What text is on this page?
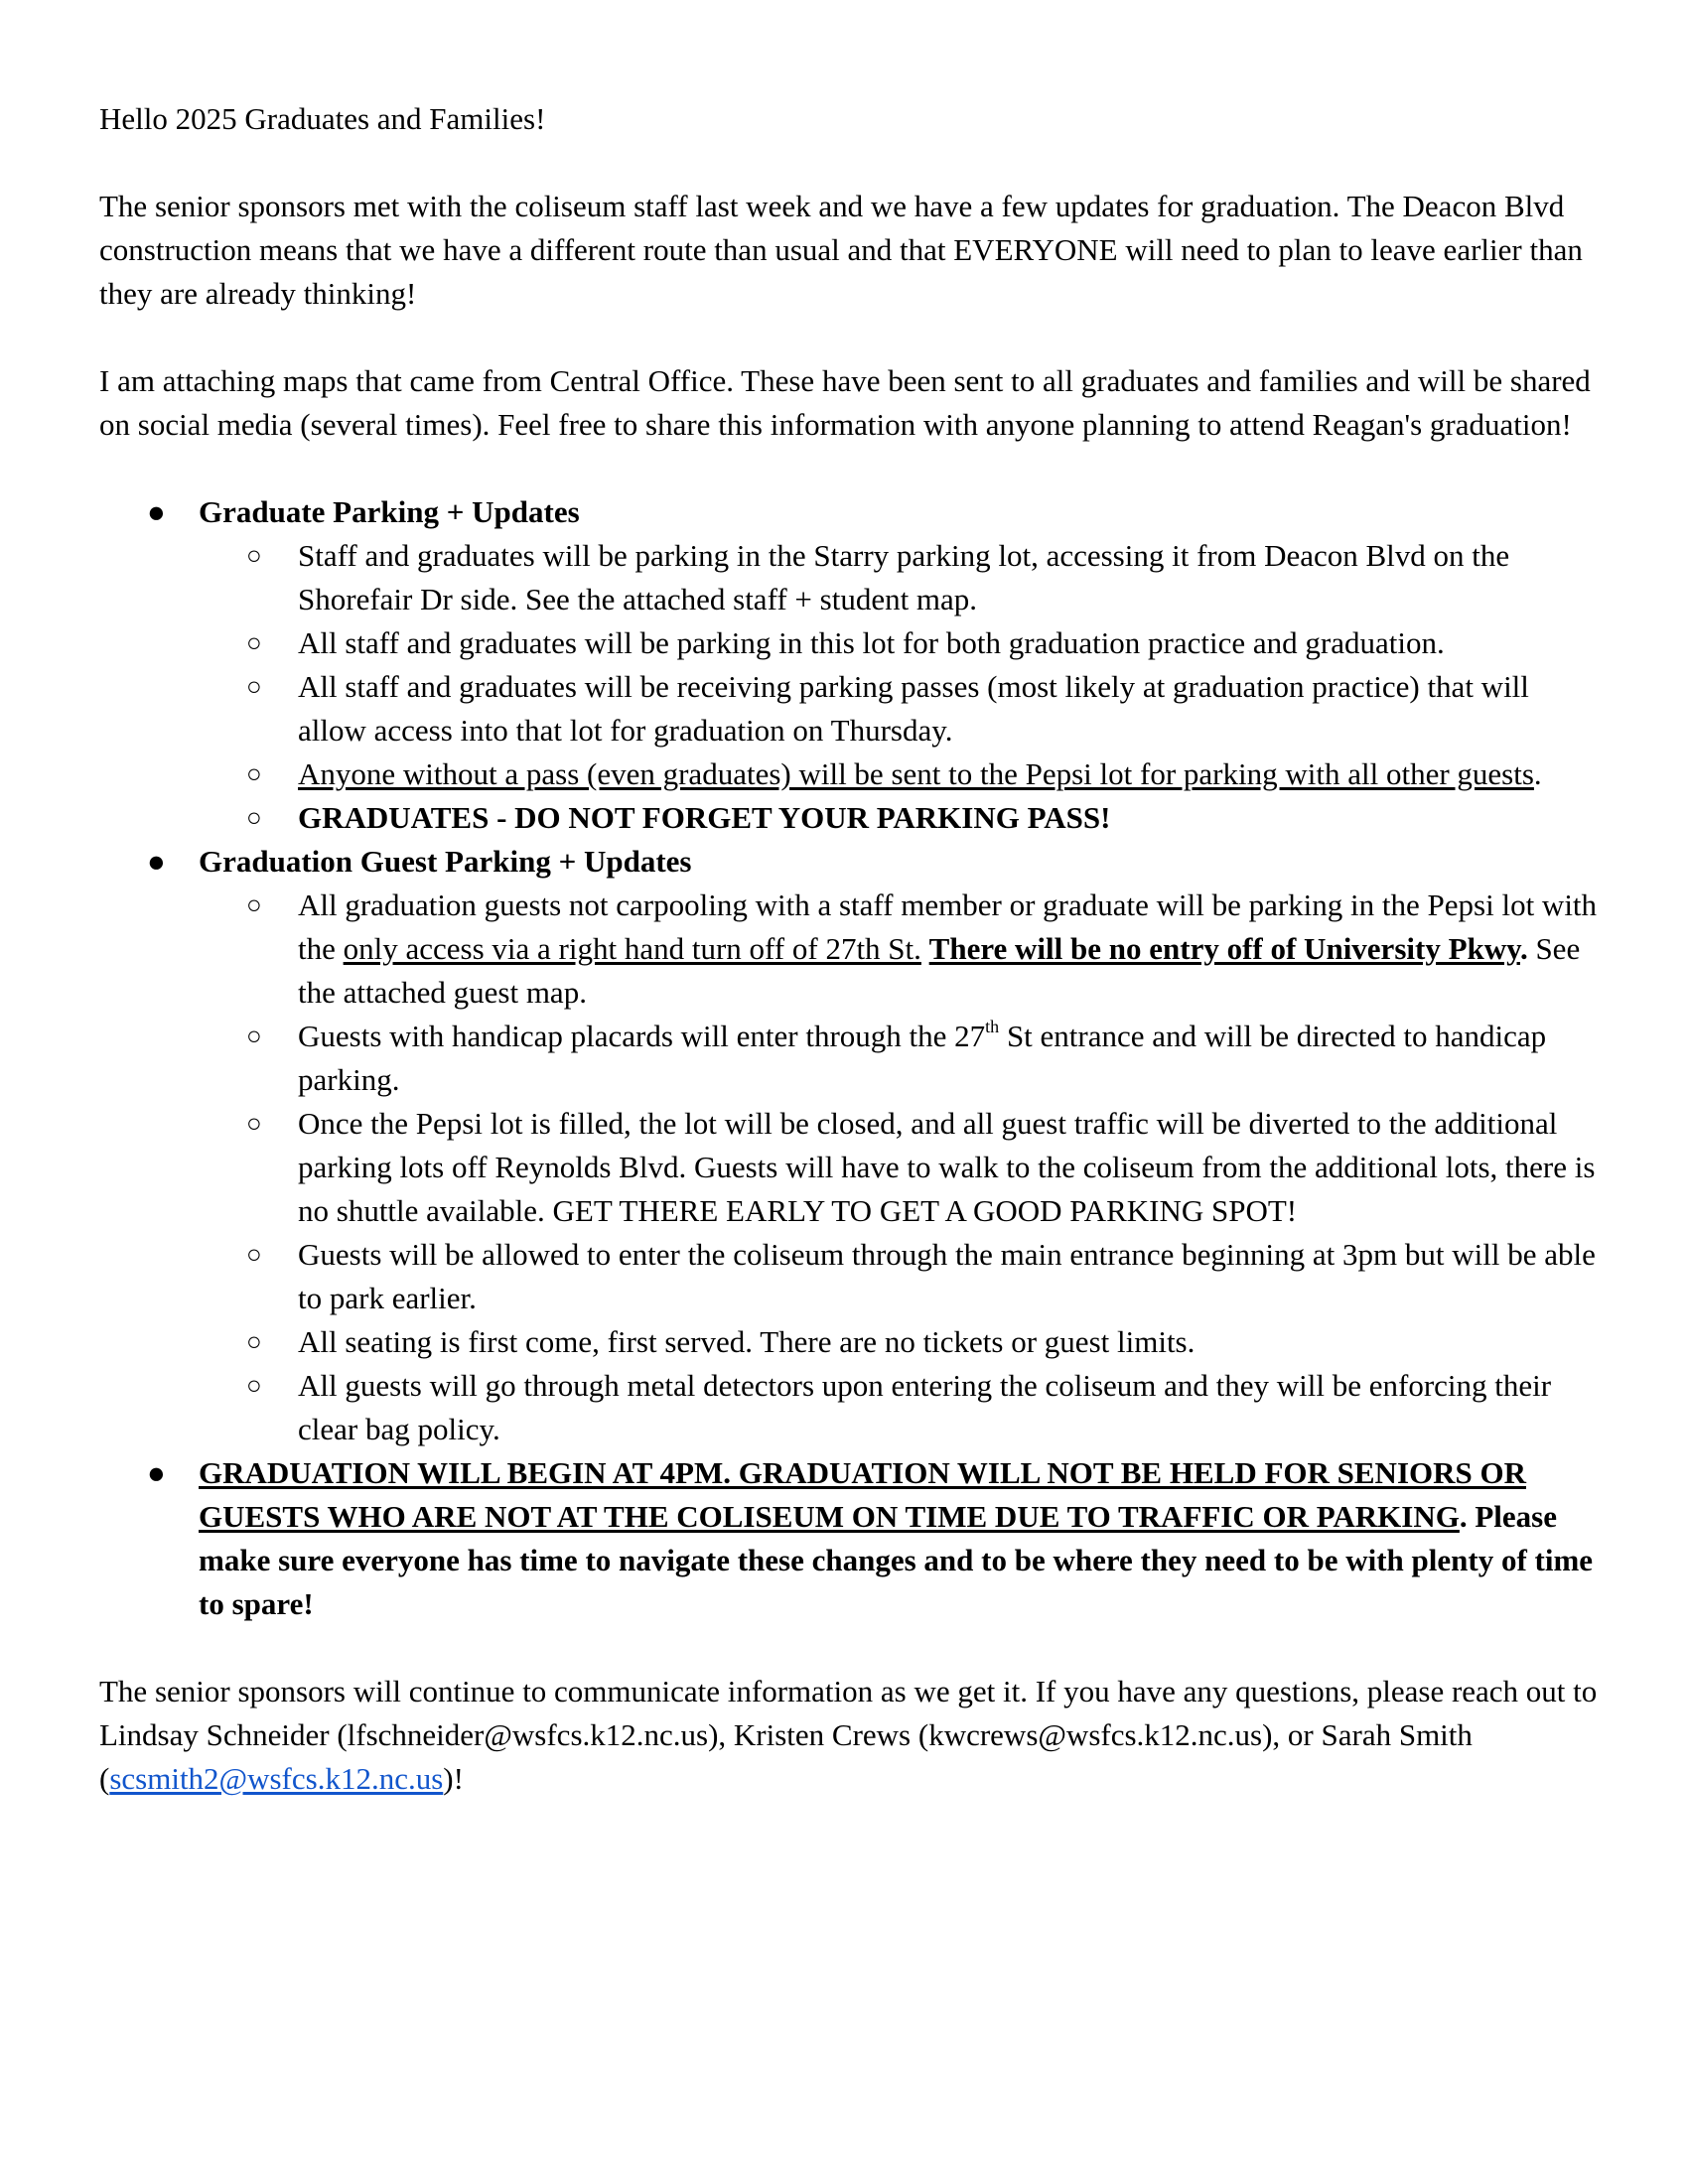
Hello 2025 Graduates and Families!

The senior sponsors met with the coliseum staff last week and we have a few updates for graduation. The Deacon Blvd construction means that we have a different route than usual and that EVERYONE will need to plan to leave earlier than they are already thinking!

I am attaching maps that came from Central Office. These have been sent to all graduates and families and will be shared on social media (several times). Feel free to share this information with anyone planning to attend Reagan's graduation!

● Graduate Parking + Updates
○ Staff and graduates will be parking in the Starry parking lot, accessing it from Deacon Blvd on the Shorefair Dr side. See the attached staff + student map.
○ All staff and graduates will be parking in this lot for both graduation practice and graduation.
○ All staff and graduates will be receiving parking passes (most likely at graduation practice) that will allow access into that lot for graduation on Thursday.
○ Anyone without a pass (even graduates) will be sent to the Pepsi lot for parking with all other guests.
○ GRADUATES - DO NOT FORGET YOUR PARKING PASS!
● Graduation Guest Parking + Updates
○ All graduation guests not carpooling with a staff member or graduate will be parking in the Pepsi lot with the only access via a right hand turn off of 27th St. There will be no entry off of University Pkwy. See the attached guest map.
○ Guests with handicap placards will enter through the 27th St entrance and will be directed to handicap parking.
○ Once the Pepsi lot is filled, the lot will be closed, and all guest traffic will be diverted to the additional parking lots off Reynolds Blvd. Guests will have to walk to the coliseum from the additional lots, there is no shuttle available. GET THERE EARLY TO GET A GOOD PARKING SPOT!
○ Guests will be allowed to enter the coliseum through the main entrance beginning at 3pm but will be able to park earlier.
○ All seating is first come, first served. There are no tickets or guest limits.
○ All guests will go through metal detectors upon entering the coliseum and they will be enforcing their clear bag policy.
● GRADUATION WILL BEGIN AT 4PM. GRADUATION WILL NOT BE HELD FOR SENIORS OR GUESTS WHO ARE NOT AT THE COLISEUM ON TIME DUE TO TRAFFIC OR PARKING. Please make sure everyone has time to navigate these changes and to be where they need to be with plenty of time to spare!

The senior sponsors will continue to communicate information as we get it. If you have any questions, please reach out to Lindsay Schneider (lfschneider@wsfcs.k12.nc.us), Kristen Crews (kwcrews@wsfcs.k12.nc.us), or Sarah Smith (scsmith2@wsfcs.k12.nc.us)!
